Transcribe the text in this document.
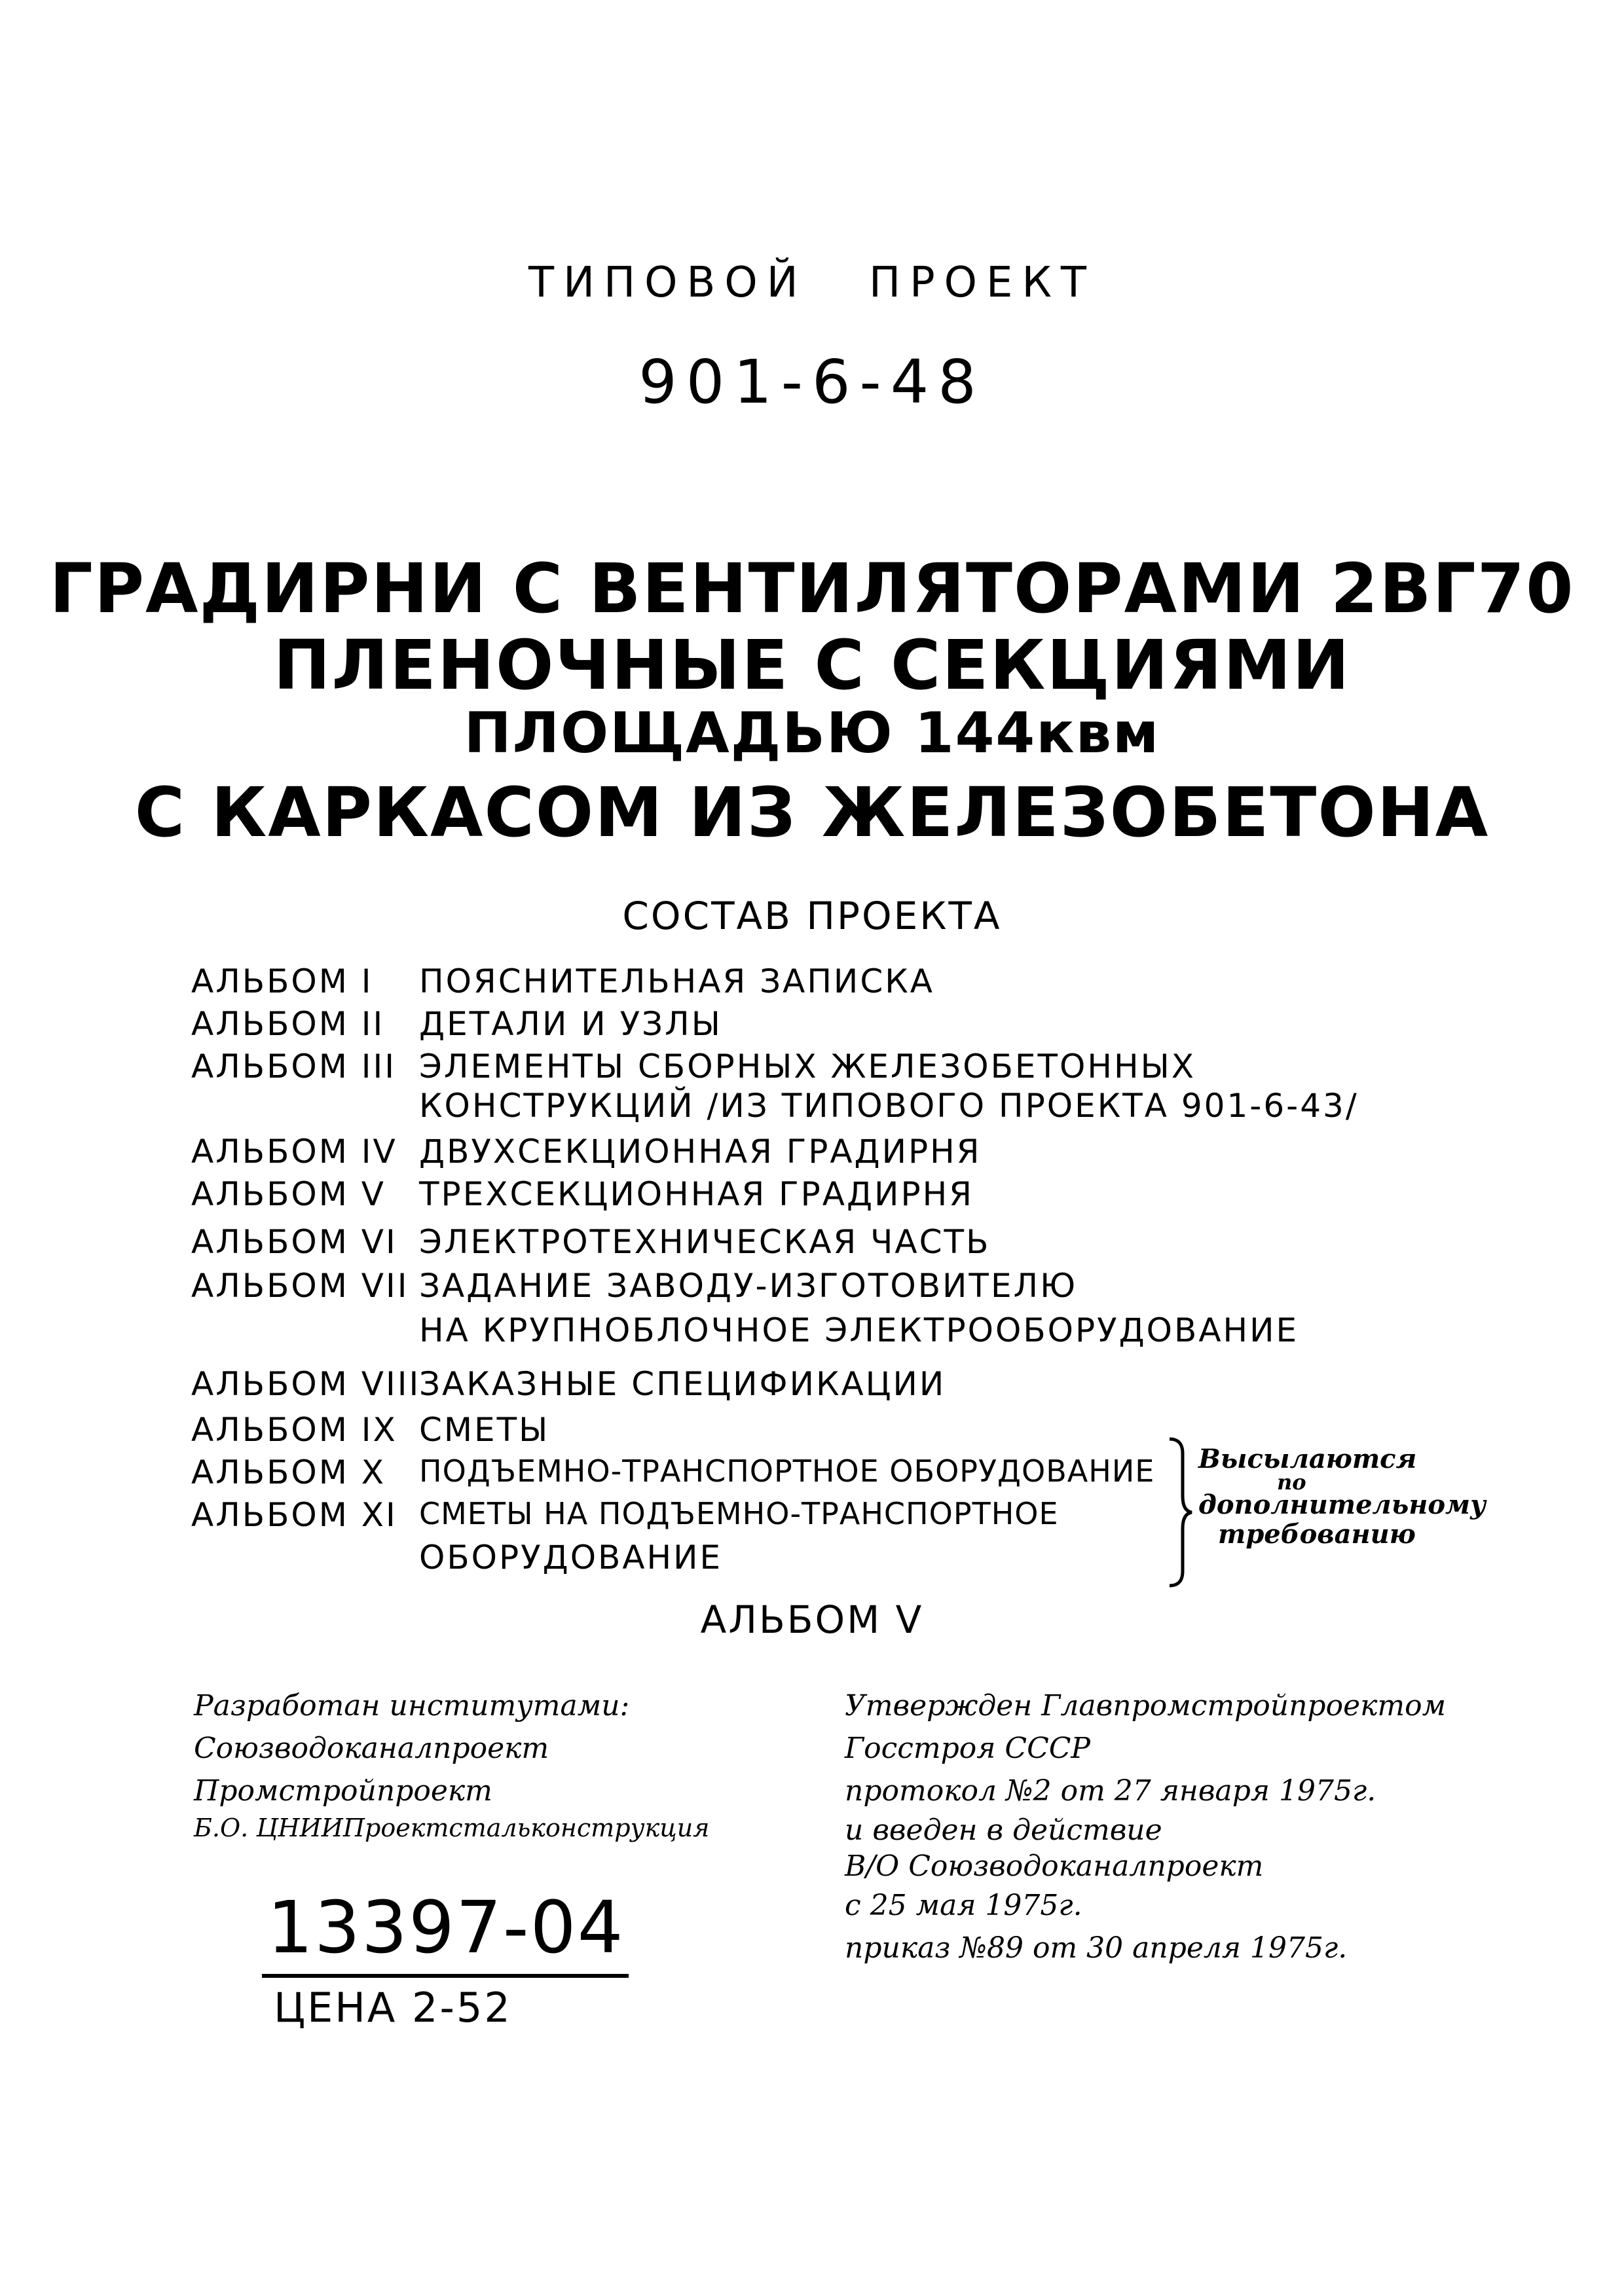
ТИПОВОЙ ПРОЕКТ
901-6-48
ГРАДИРНИ С ВЕНТИЛЯТОРАМИ 2ВГ70
ПЛЕНОЧНЫЕ С СЕКЦИЯМИ
ПЛОЩАДЬЮ 144квм
С КАРКАСОМ ИЗ ЖЕЛЕЗОБЕТОНА
СОСТАВ ПРОЕКТА
АЛЬБОМ I ПОЯСНИТЕЛЬНАЯ ЗАПИСКА
АЛЬБОМ II ДЕТАЛИ И УЗЛЫ
АЛЬБОМ III ЭЛЕМЕНТЫ СБОРНЫХ ЖЕЛЕЗОБЕТОННЫХ
КОНСТРУКЦИЙ /ИЗ ТИПОВОГО ПРОЕКТА 901-6-43/
АЛЬБОМ IV ДВУХСЕКЦИОННАЯ ГРАДИРНЯ
АЛЬБОМ V ТРЕХСЕКЦИОННАЯ ГРАДИРНЯ
АЛЬБОМ VI ЭЛЕКТРОТЕХНИЧЕСКАЯ ЧАСТЬ
АЛЬБОМ VII ЗАДАНИЕ ЗАВОДУ-ИЗГОТОВИТЕЛЮ
НА КРУПНОБЛОЧНОЕ ЭЛЕКТРООБОРУДОВАНИЕ
АЛЬБОМ VIII
ЗАКАЗНЫЕ СПЕЦИФИКАЦИИ
АЛЬБОМ IX СМЕТЫ
АЛЬБОМ X ПОДЪЕМНО-ТРАНСПОРТНОЕ ОБОРУДОВАНИЕ
АЛЬБОМ XI СМЕТЫ НА ПОДЪЕМНО-ТРАНСПОРТНОЕ
ОБОРУДОВАНИЕ
Высылаются
по
дополнительному
требованию
АЛЬБОМ V
Разработан институтами:
Союзводоканалпроект
Промстройпроект
Б.О. ЦНИИПроектстальконструкция
Утвержден Главпромстройпроектом
Госстроя СССР
протокол №2 от 27 января 1975г.
и введен в действие
В/О Союзводоканалпроект
с 25 мая 1975г.
приказ №89 от 30 апреля 1975г.
13397-04
ЦЕНА 2-52
